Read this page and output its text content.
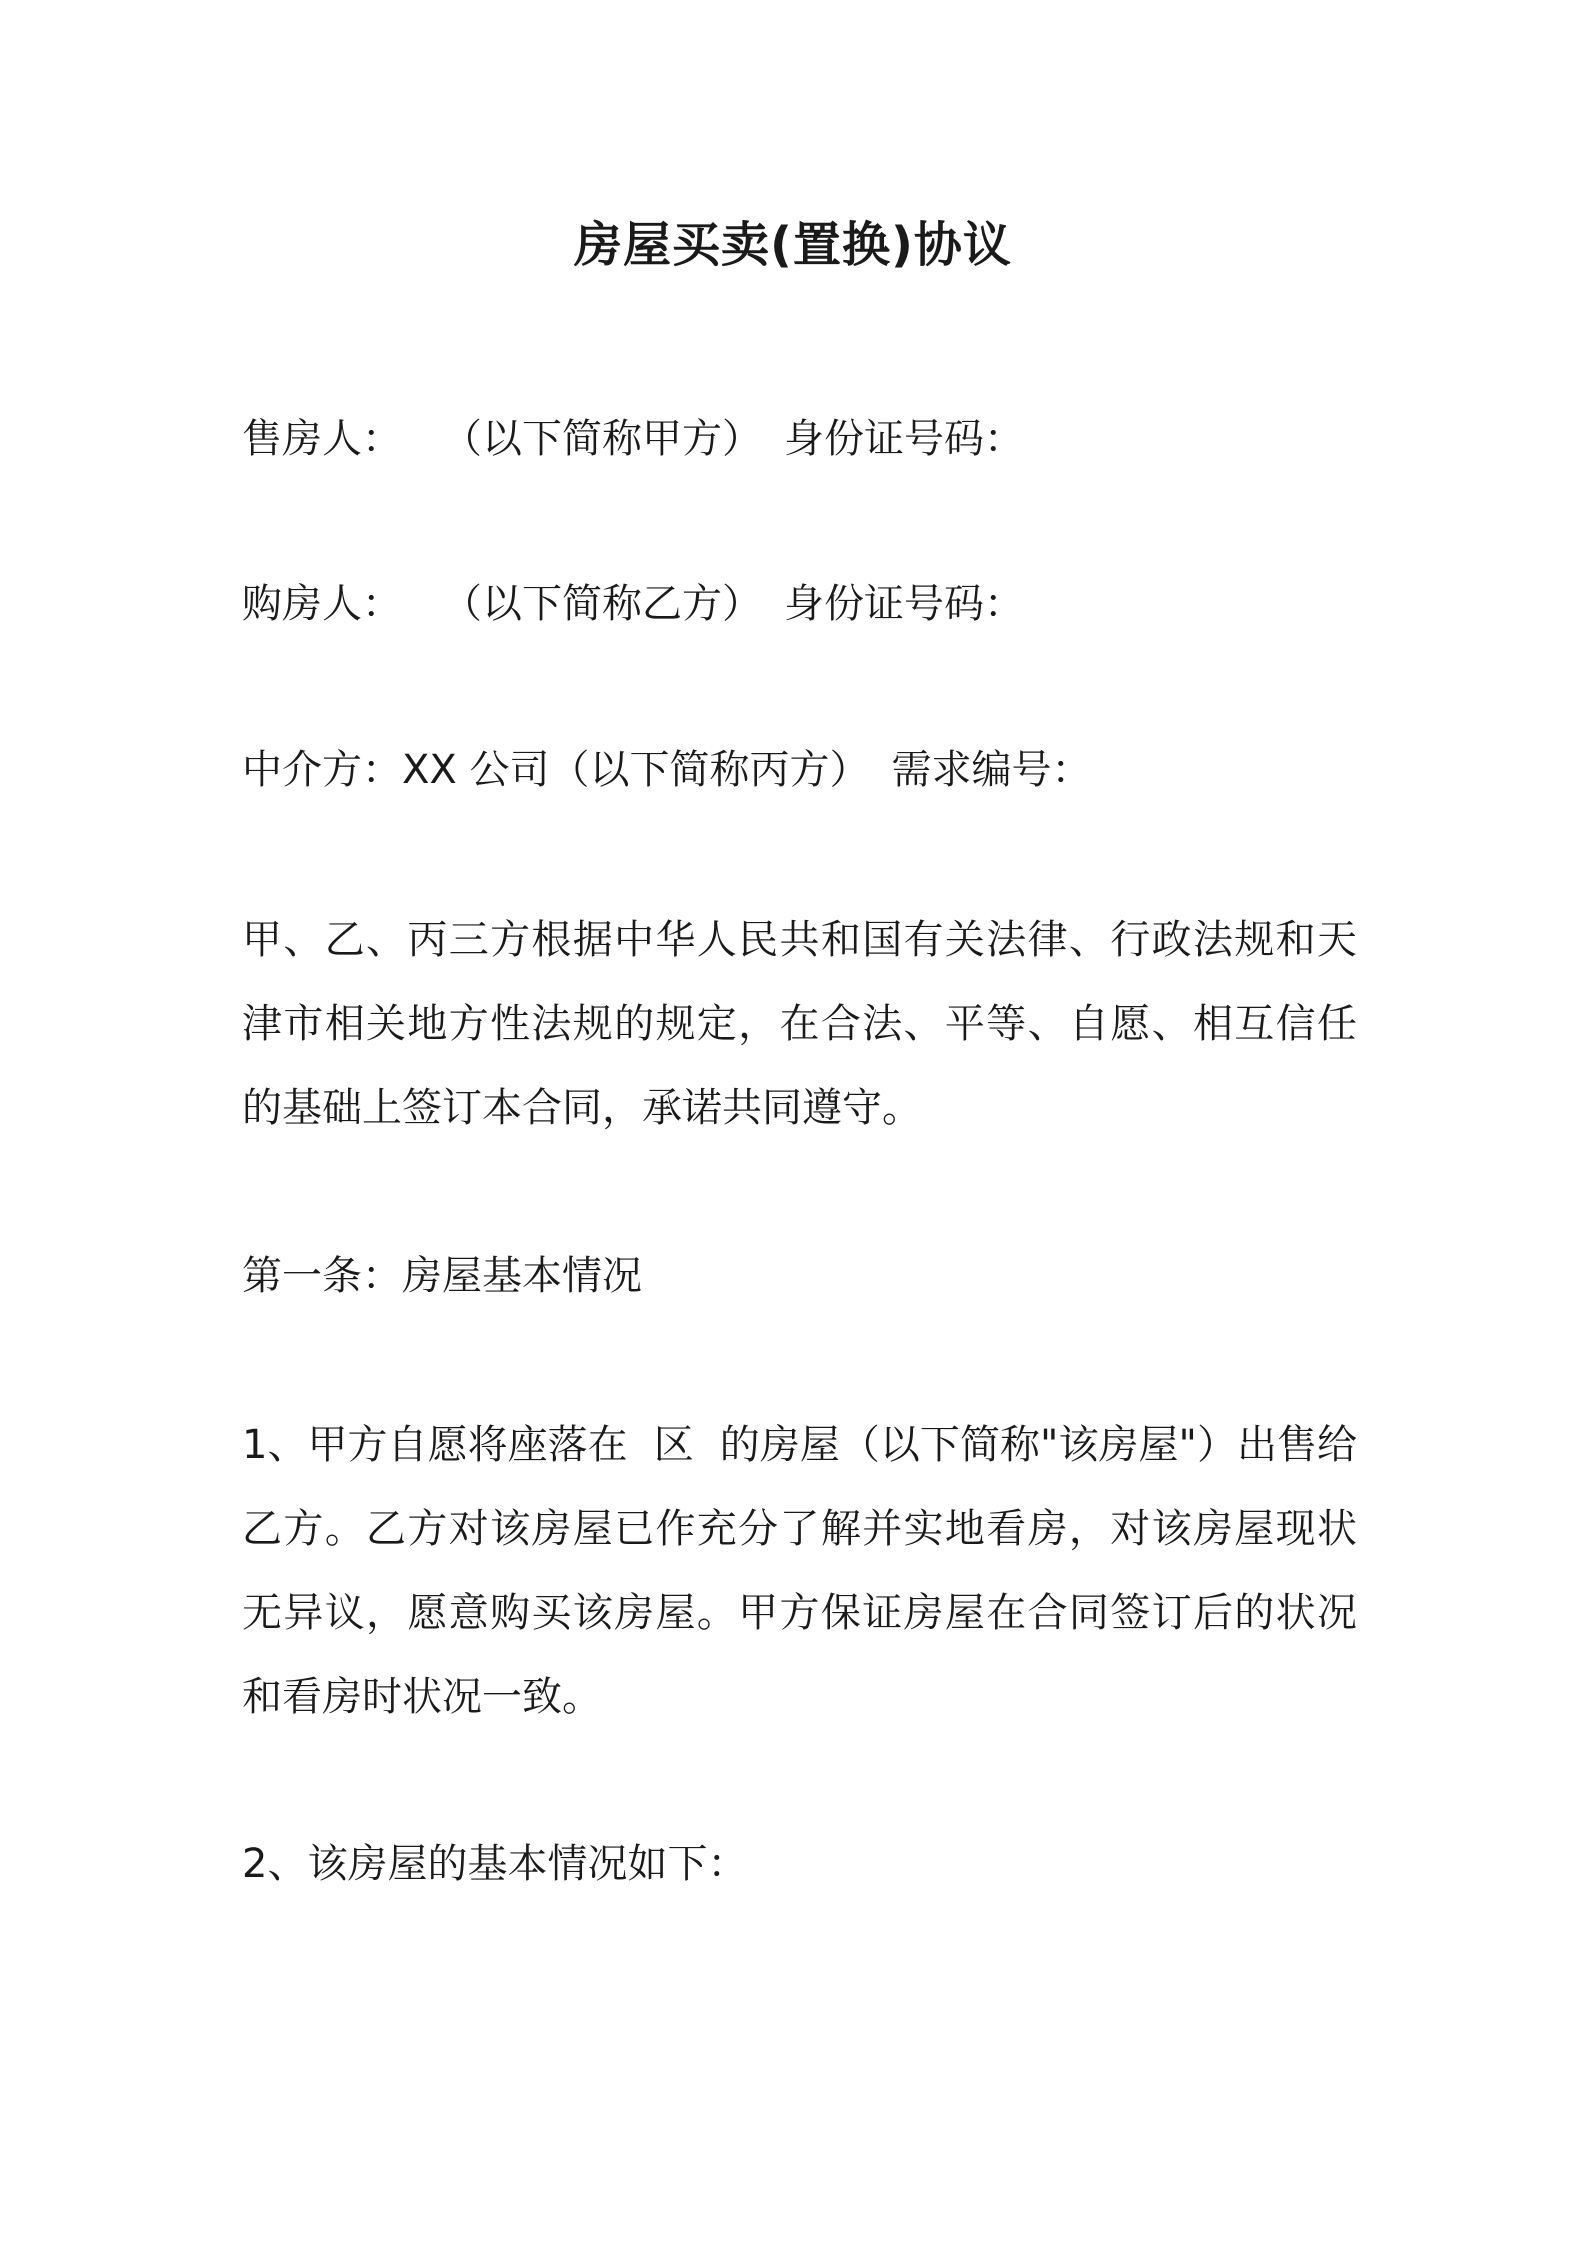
房屋买卖(置换)协议
售房人： （以下简称甲方） 身份证号码：
购房人： （以下简称乙方） 身份证号码：
中介方：XX 公司（以下简称丙方） 需求编号：
甲、乙、丙三方根据中华人民共和国有关法律、行政法规和天津市相关地方性法规的规定，在合法、平等、自愿、相互信任的基础上签订本合同，承诺共同遵守。
第一条：房屋基本情况
1、甲方自愿将座落在 区 的房屋（以下简称"该房屋"）出售给乙方。乙方对该房屋已作充分了解并实地看房，对该房屋现状无异议，愿意购买该房屋。甲方保证房屋在合同签订后的状况和看房时状况一致。
2、该房屋的基本情况如下：
